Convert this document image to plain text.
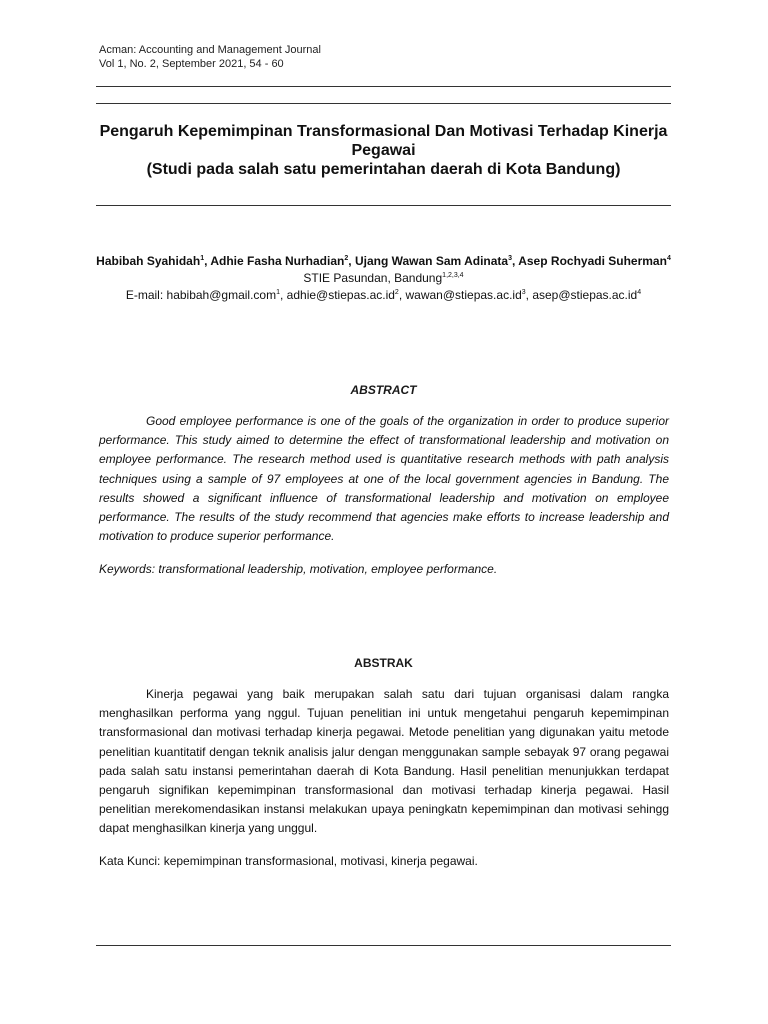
Acman: Accounting and Management Journal
Vol 1, No. 2, September 2021, 54 - 60
Pengaruh Kepemimpinan Transformasional Dan Motivasi Terhadap Kinerja Pegawai
(Studi pada salah satu pemerintahan daerah di Kota Bandung)
Habibah Syahidah$^1$, Adhie Fasha Nurhadian$^2$, Ujang Wawan Sam Adinata$^3$, Asep Rochyadi Suherman$^4$
STIE Pasundan, Bandung$^{1,2,3,4}$
E-mail: habibah@gmail.com$^1$, $adhie@stiepas.ac.id^2$, $wawan@stiepas.ac.id^3$, $asep@stiepas.ac.id^4$
ABSTRACT
Good employee performance is one of the goals of the organization in order to produce superior performance. This study aimed to determine the effect of transformational leadership and motivation on employee performance. The research method used is quantitative research methods with path analysis techniques using a sample of 97 employees at one of the local government agencies in Bandung. The results showed a significant influence of transformational leadership and motivation on employee performance. The results of the study recommend that agencies make efforts to increase leadership and motivation to produce superior performance.
Keywords: transformational leadership, motivation, employee performance.
ABSTRAK
Kinerja pegawai yang baik merupakan salah satu dari tujuan organisasi dalam rangka menghasilkan performa yang nggul. Tujuan penelitian ini untuk mengetahui pengaruh kepemimpinan transformasional dan motivasi terhadap kinerja pegawai. Metode penelitian yang digunakan yaitu metode penelitian kuantitatif dengan teknik analisis jalur dengan menggunakan sample sebayak 97 orang pegawai pada salah satu instansi pemerintahan daerah di Kota Bandung. Hasil penelitian menunjukkan terdapat pengaruh signifikan kepemimpinan transformasional dan motivasi terhadap kinerja pegawai. Hasil penelitian merekomendasikan instansi melakukan upaya peningkatn kepemimpinan dan motivasi sehingg dapat menghasilkan kinerja yang unggul.
Kata Kunci: kepemimpinan transformasional, motivasi, kinerja pegawai.
